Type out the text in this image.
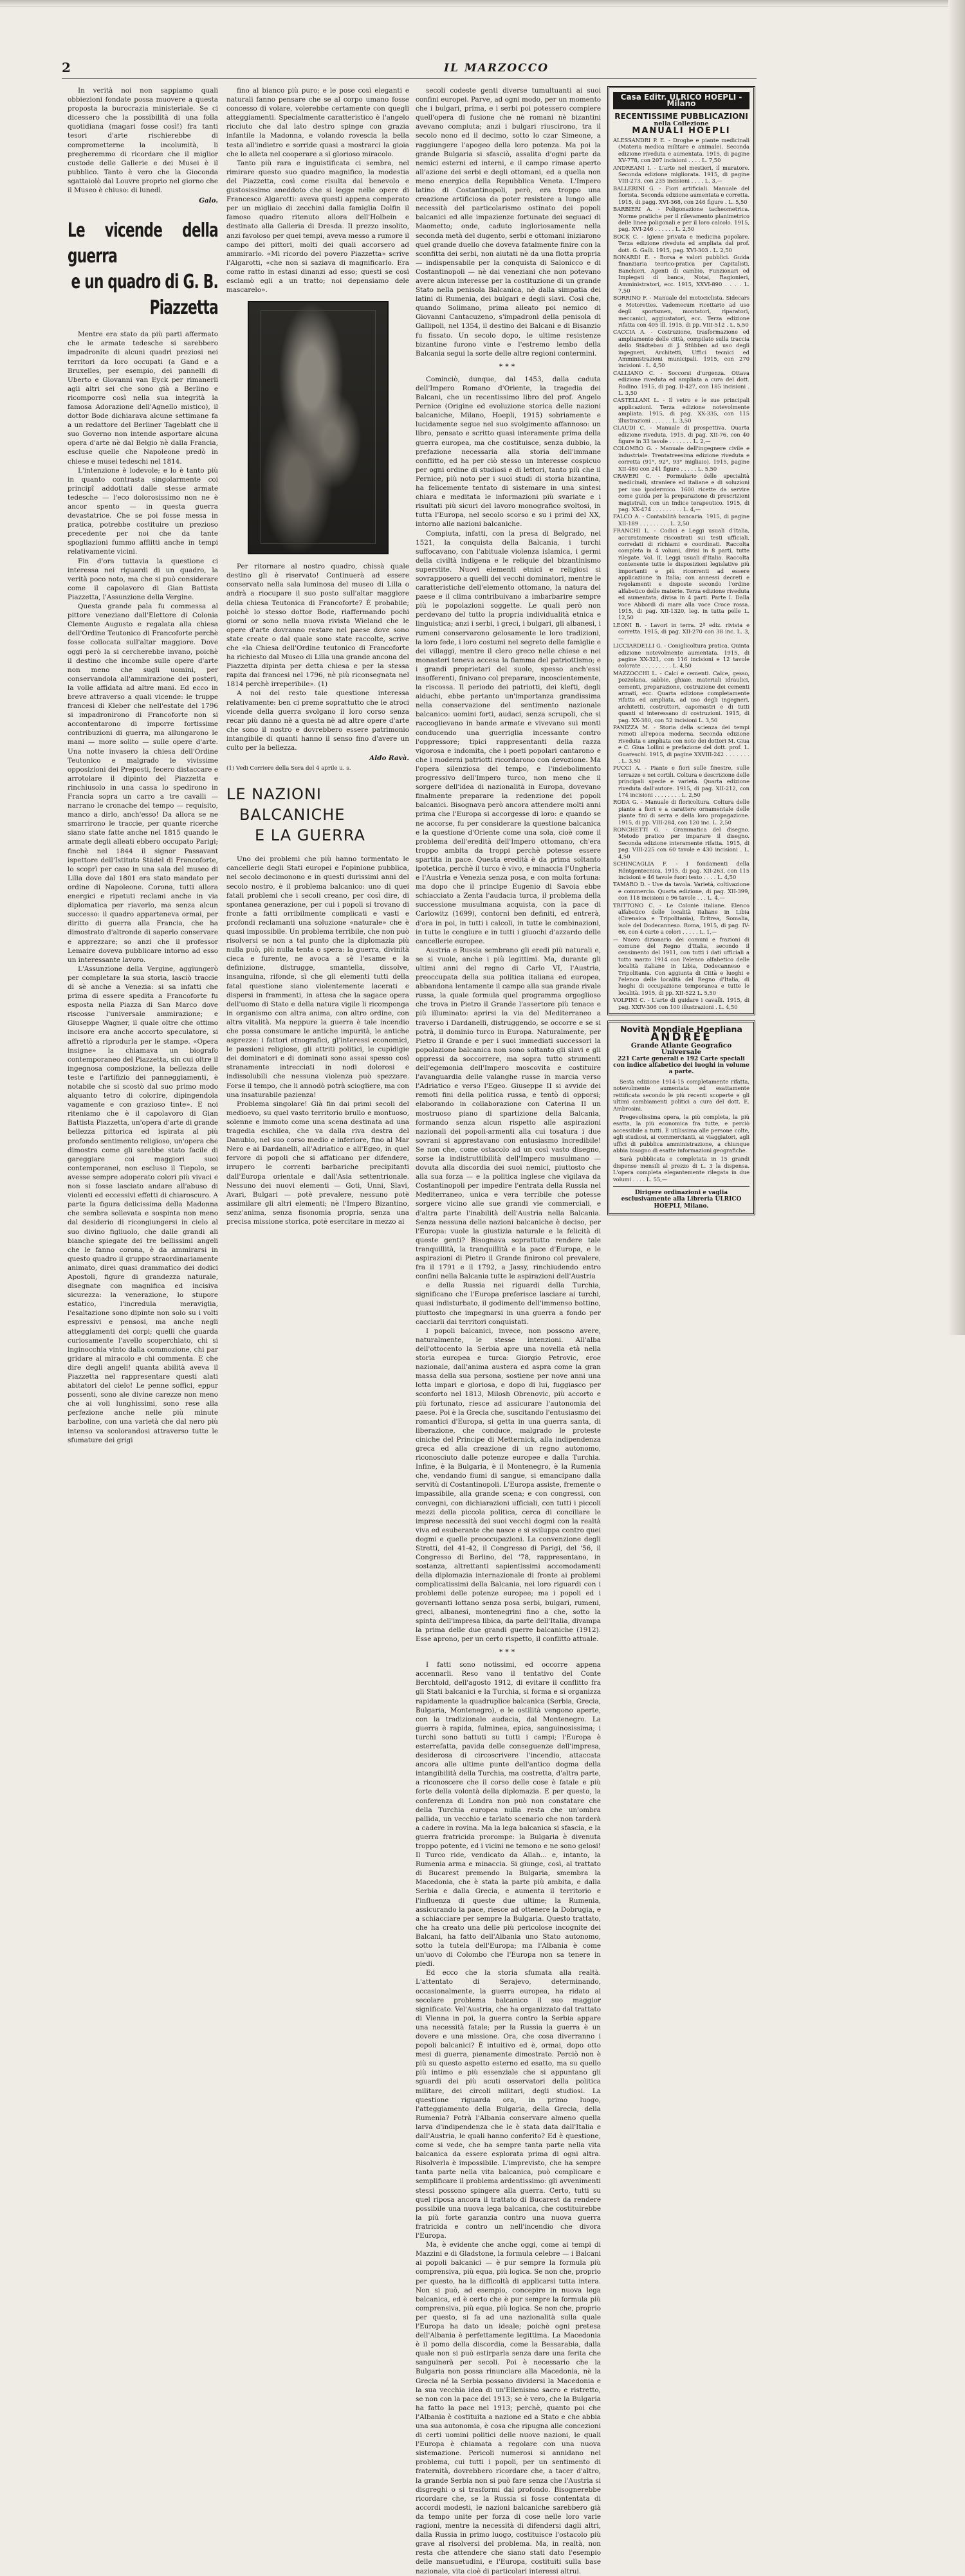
2	IL MARZOCCO

In verità noi non sappiamo quali obbiezioni fondate possa muovere a questa proposta la burocrazia ministeriale. Se ci dicessero che la possibilità di una folla quotidiana (magari fosse così!) fra tanti tesori d'arte rischierebbe di comprometterne la incolumità, li pregheremmo di ricordare che il miglior custode delle Gallerie e dei Musei è il pubblico. Tanto è vero che la Gioconda sgattaiolò dal Louvre proprio nel giorno che il Museo è chiuso: di lunedì.

Galo.
Le vicende della guerra
e un quadro di G. B. Piazzetta

Mentre era stato da più parti affermato che le armate tedesche si sarebbero impadronite di alcuni quadri preziosi nei territori da loro occupati (a Gand e a Bruxelles, per esempio, dei pannelli di Uberto e Giovanni van Eyck per rimanerli agli altri sei che sono già a Berlino e ricomporre così nella sua integrità la famosa Adorazione dell'Agnello mistico), il dottor Bode dichiarava alcune settimane fa a un redattore del Berliner Tageblatt che il suo Governo non intende asportare alcuna opera d'arte nè dal Belgio nè dalla Francia, escluse quelle che Napoleone predò in chiese e musei tedeschi nel 1814.

L'intenzione è lodevole; e lo è tanto più in quanto contrasta singolarmente coi principî addottati dalle stesse armate tedesche — l'eco dolorosissimo non ne è ancor spento — in questa guerra devastatrice. Che se poi fosse messa in pratica, potrebbe costituire un prezioso precedente per noi che da tante spogliazioni fummo afflitti anche in tempi relativamente vicini.

Fin d'ora tuttavia la questione ci interessa nei riguardi di un quadro, la verità poco noto, ma che si può considerare come il capolavoro di Gian Battista Piazzetta, l'Assunzione della Vergine.

Questa grande pala fu commessa al pittore veneziano dall'Elettore di Colonia Clemente Augusto e regalata alla chiesa dell'Ordine Teutonico di Francoforte perchè fosse collocata sull'altar maggiore. Dove oggi però la si cercherebbe invano, poichè il destino che incombe sulle opere d'arte non meno che sugli uomini, per conservandola all'ammirazione dei posteri, la volle affidata ad altre mani. Ed ecco in breve attraverso a quali vicende: le truppe francesi di Kleber che nell'estate del 1796 si impadronirono di Francoforte non si accontentarono di imporre fortissime contribuzioni di guerra, ma allungarono le mani — more solito — sulle opere d'arte. Una notte invasero la chiesa dell'Ordine Teutonico e malgrado le vivissime opposizioni dei Preposti, fecero distaccare e arrotolare il dipinto del Piazzetta e rinchiusolo in una cassa lo spedirono in Francia sopra un carro a tre cavalli — narrano le cronache del tempo — requisito, manco a dirlo, anch'esso! Da allora se ne smarrirono le traccie, per quante ricerche siano state fatte anche nel 1815 quando le armate degli alleati ebbero occupato Parigi; finchè nel 1844 il signor Passavant ispettore dell'Istituto Städel di Francoforte, lo scoprì per caso in una sala del museo di Lilla dove dal 1801 era stato mandato per ordine di Napoleone. Corona, tutti allora energici e ripetuti reclami anche in via diplomatica per riaverlo, ma senza alcun successo: il quadro apparteneva ormai, per diritto di guerra alla Francia, che ha dimostrato d'altronde di saperlo conservare e apprezzare; so anzi che il professor Lemaire doveva pubblicare intorno ad esso un interessante lavoro.

L'Assunzione della Vergine, aggiungerò per completare la sua storia, lasciò traccie di sè anche a Venezia: si sa infatti che prima di essere spedita a Francoforte fu esposta nella Piazza di San Marco dove riscosse l'universale ammirazione; e Giuseppe Wagner, il quale oltre che ottimo incisore era anche accorto speculatore, si affrettò a riprodurla per le stampe. «Opera insigne» la chiamava un biografo contemporaneo del Piazzetta, sin cui oltre il ingegnosa composizione, la bellezza delle teste e l'artifizio dei panneggiamenti, è notabile che si scostò dal suo primo modo alquanto tetro di colorire, dipingendola vagamente e con grazioso tinte». E noi riteniamo che è il capolavoro di Gian Battista Piazzetta, un'opera d'arte di grande bellezza pittorica ed ispirata al più profondo sentimento religioso, un'opera che dimostra come gli sarebbe stato facile di gareggiare coi maggiori suoi contemporanei, non escluso il Tiepolo, se avesse sempre adoperato colori più vivaci e non si fosse lasciato andare all'abuso di violenti ed eccessivi effetti di chiaroscuro. A parte la figura delicissima della Madonna che sembra sollevata e sospinta non meno dal desiderio di ricongiungersi in cielo al suo divino figliuolo, che dalle grandi ali bianche spiegate dei tre bellissimi angeli che le fanno corona, è da ammirarsi in questo quadro il gruppo straordinariamente animato, direi quasi drammatico dei dodici Apostoli, figure di grandezza naturale, disegnate con magnifica ed incisiva sicurezza: la venerazione, lo stupore estatico, l'incredula meraviglia, l'esaltazione sono dipinte non solo su i volti espressivi e pensosi, ma anche negli atteggiamenti dei corpi; quelli che guarda curiosamente l'avello scoperchiato, chi si inginocchia vinto dalla commozione, chi par gridare al miracolo e chi commenta. E che dire degli angeli! quanta abilità aveva il Piazzetta nel rappresentare questi alati abitatori del cielo! Le penne soffici, eppur possenti, sono ale divine carezze non meno che ai voli lunghissimi, sono rese alla perfezione anche nelle più minute barboline, con una varietà che dal nero più intenso va scolorandosi attraverso tutte le sfumature dei grigi

fino al bianco più puro; e le pose così eleganti e naturali fanno pensare che se al corpo umano fosse concesso di volare, volerebbe certamente con quegli atteggiamenti. Specialmente caratteristico è l'angelo ricciuto che dal lato destro spinge con grazia infantile la Madonna, e volando rovescia la bella testa all'indietro e sorride quasi a mostrarci la gioia che lo alleta nel cooperare a sì glorioso miracolo.

Tanto più rara e inguistificata ci sembra, nel rimirare questo suo quadro magnifico, la modestia del Piazzetta, così come risulta dal benevolo e gustosissimo aneddoto che si legge nelle opere di Francesco Algarotti: aveva questi appena comperato per un migliaio di zecchini dalla famiglia Dolfin il famoso quadro ritenuto allora dell'Holbein e destinato alla Galleria di Dresda. Il prezzo insolito, anzi favoloso per quei tempi, aveva messo a rumore il campo dei pittori, molti dei quali accorsero ad ammirarlo. «Mi ricordo del povero Piazzetta» scrive l'Algarotti, «che non si saziava di magnificarlo. Era come ratto in estasi dinanzi ad esso; questi se così esclamò egli a un tratto; noi depensiamo dele mascarelo».

Per ritornare al nostro quadro, chissà quale destino gli è riservato! Continuerà ad essere conservato nella sala luminosa del museo di Lilla o andrà a riocupare il suo posto sull'altar maggiore della chiesa Teutonica di Francoforte? È probabile; poichè lo stesso dottor Bode, riaffermando pochi giorni or sono nella nuova rivista Wieland che le opere d'arte dovranno restare nel paese dove sono state create o dal quale sono state raccolte, scrive che «la Chiesa dell'Ordine teutonico di Francoforte ha richiesto dal Museo di Lilla una grande ancona del Piazzetta dipinta per detta chiesa e per la stessa rapita dai francesi nel 1796, nè più riconsegnata nel 1814 perchè irreperibile». (1)

A noi del resto tale questione interessa relativamente: ben ci preme soprattutto che le atroci vicende della guerra svolgano il loro corso senza recar più danno nè a questa nè ad altre opere d'arte che sono il nostro e dovrebbero essere patrimonio intangibile di quanti hanno il senso fino d'avere un culto per la bellezza.

Aldo Ravà.
(1) Vedi Corriere della Sera del 4 aprile u. s.
LE NAZIONI
BALCANICHE
E LA GUERRA

Uno dei problemi che più hanno tormentato le cancellerie degli Stati europei e l'opinione pubblica, nel secolo decimonono e in questi durissimi anni del secolo nostro, è il problema balcanico: uno di quei fatali problemi che i secoli creano, per così dire, di spontanea generazione, per cui i popoli si trovano di fronte a fatti orribilmente complicati e vasti e profondi reclamanti una soluzione «naturale» che è quasi impossibile. Un problema terribile, che non può risolversi se non a tal punto che la diplomazia più nulla può, più nulla tenta o spera: la guerra, divinità cieca e furente, ne avoca a sè l'esame e la definizione, distrugge, smantella, dissolve, insanguina, rifonde, sì che gli elementi tutti della fatal questione siano violentemente lacerati e dispersi in frammenti, in attesa che la sagace opera dell'uomo di Stato e della natura vigile li ricomponga in organismo con altra anima, con altro ordine, con altra vitalità. Ma neppure la guerra è tale incendio che possa consumare le antiche impurità, le antiche asprezze: i fattori etnografici, gl'interessi economici, le passioni religiose, gli attriti politici, le cupidigie dei dominatori e di dominati sono assai spesso così stranamente intrecciati in nodi dolorosi e indissolubili che nessuna violenza può spezzare. Forse il tempo, che li annodò potrà sciogliere, ma con una insaturabile pazienza!

Problema singolare! Già fin dai primi secoli del medioevo, su quel vasto territorio brullo e montuoso, solenne e immoto come una scena destinata ad una tragedia eschilea, che va dalla riva destra del Danubio, nel suo corso medio e inferiore, fino al Mar Nero e ai Dardanelli, all'Adriatico e all'Egeo, in quel fervore di popoli che si affaticano per difendere, irrupero le correnti barbariche precipitanti dall'Europa orientale e dall'Asia settentrionale. Nessuno dei nuovi elementi — Goti, Unni, Slavi, Avari, Bulgari — potè prevalere, nessuno potè assimilare gli altri elementi; nè l'Impero Bizantino, senz'anima, senza fisonomia propria, senza una precisa missione storica, potè esercitare in mezzo ai

secoli codeste genti diverse tumultuanti ai suoi confini europei. Parve, ad ogni modo, per un momento che i bulgari, prima, e i serbi poi potessero compiere quell'opera di fusione che nè romani nè bizantini avevano compiuta; anzi i bulgari riuscirono, tra il secolo nono ed il decimo, sotto lo czar Simeone, a raggiungere l'apogeo della loro potenza. Ma poi la grande Bulgaria si sfasciò, assalita d'ogni parte da nemici esterni ed interni, e il campo rimase aperto all'azione dei serbi e degli ottomani, ed a quella non meno energica della Repubblica Veneta. L'Impero latino di Costantinopoli, però, era troppo una creazione artificiosa da poter resistere a lungo alle necessità del particolarismo ostinato dei popoli balcanici ed alle impazienze fortunate dei seguaci di Maometto; onde, caduto ingloriosamente nella seconda metà del dugento, serbi e ottomani iniziarono quel grande duello che doveva fatalmente finire con la sconfitta dei serbi, non aiutati nè da una flotta propria — indispensabile per la conquista di Salonicco e di Costantinopoli — nè dai veneziani che non potevano avere alcun interesse per la costituzione di un grande Stato nella penisola Balcanica, nè dalla simpatia dei latini di Rumenia, dei bulgari e degli slavi. Così che, quando Solimano, prima alleato poi nemico di Giovanni Cantacuzeno, s'impadronì della penisola di Gallipoli, nel 1354, il destino dei Balcani e di Bisanzio fu fissato. Un secolo dopo, le ultime resistenze bizantine furono vinte e l'estremo lembo della Balcania segui la sorte delle altre regioni contermini.

***

Cominciò, dunque, dal 1453, dalla caduta dell'Impero Romano d'Oriente, la tragedia dei Balcani, che un recentissimo libro del prof. Angelo Pernice (Origine ed evoluzione storica delle nazioni balcaniche, Milano, Hoepli, 1915) sobriamente e lucidamente segue nel suo svolgimento affannoso: un libro, pensato e scritto quasi interamente prima della guerra europea, ma che costituisce, senza dubbio, la prefazione necessaria alla storia dell'immane conflitto, ed ha per ciò stesso un interesse cospicuo per ogni ordine di studiosi e di lettori, tanto più che il Pernice, più noto per i suoi studi di storia bizantina, ha felicemente tentato di sistemare in una sintesi chiara e meditata le informazioni più svariate e i risultati più sicuri del lavoro monografico svoltosi, in tutta l'Europa, nel secolo scorso e su i primi del XX, intorno alle nazioni balcaniche.

Compiuta, infatti, con la presa di Belgrado, nel 1521, la conquista della Balcania, i turchi suffocavano, con l'abituale violenza islamica, i germi della civiltà indigena e le reliquie del bizantinismo superstite. Nuovi elementi etnici e religiosi si sovrapposero a quelli dei vecchi dominatori, mentre le caratteristiche dell'elemento ottomano, la natura del paese e il clima contribuivano a imbarbarire sempre più le popolazioni soggette. Le quali però non perdevano del tutto la propria individualità etnica e linguistica; anzi i serbi, i greci, i bulgari, gli albanesi, i rumeni conservarono gelosamente le loro tradizioni, la loro fede, i loro costumi nel segreto delle famiglie e dei villaggi, mentre il clero greco nelle chiese e nei monasteri teneva accesa la fiamma del patriottismo; e i grandi proprietari del suolo, spesso anch'essi insofferenti, finivano col preparare, incoscientemente, la riscossa. Il periodo dei patriotti, dei klefti, degli aiduchi, ebbe pertanto un'importanza grandissima nella conservazione del sentimento nazionale balcanico: uomini forti, audaci, senza scrupoli, che si raccoglievano in bande armate e vivevano sui monti conducendo una guerriglia incessante contro l'oppressore; tipici rappresentanti della razza vigorosa e indomita, che i poeti popolari cantarono e che i moderni patriotti ricordarono con devozione. Ma l'opera silenziosa del tempo, e l'indebolimento progressivo dell'Impero turco, non meno che il sorgere dell'idea di nazionalità in Europa, dovevano finalmente preparare la redenzione dei popoli balcanici. Bisognava però ancora attendere molti anni prima che l'Europa si accorgesse di loro: e quando se ne accorse, fu per considerare la questione balcanica e la questione d'Oriente come una sola, cioè come il problema dell'eredità dell'Impero ottomano, ch'era troppo ambita da troppi perchè potesse essere spartita in pace. Questa eredità è da prima soltanto ipotetica, perchè il turco è vivo, e minaccia l'Ungheria e l'Austria e Venezia senza posa, e con molta fortuna: ma dopo che il principe Eugenio di Savoia ebbe schiacciato a Zenta l'audacia turca, il problema della successione musulmana acquista, con la pace di Carlowitz (1699), contorni ben definiti, ed entrerà, d'ora in poi, in tutti i calcoli, in tutte le combinazioni, in tutte le congiure e in tutti i giuochi d'azzardo delle cancellerie europee.

Austria e Russia sembrano gli eredi più naturali e, se si vuole, anche i più legittimi. Ma, durante gli ultimi anni del regno di Carlo VI, l'Austria, preoccupata della sua politica italiana ed europea, abbandona lentamente il campo alla sua grande rivale russa, la quale formula quel programma orgoglioso che trova in Pietro il Grande l'assertore più tenace e più illuminato: aprirsi la via del Mediterraneo a traverso i Dardanelli, distruggendo, se occorre e se si potrà, il dominio turco in Europa. Naturalmente, per Pietro il Grande e per i suoi immediati successori la popolazione balcanica non sono soltanto gli slavi e gli oppressi da soccorrere, ma sopra tutto strumenti dell'egemonia dell'Impero moscovita e costituire l'avanguardia delle valanghe russe in marcia verso l'Adriatico e verso l'Egeo. Giuseppe II si avvide dei remoti fini della politica russa, e tentò di opporsi; elaborando in collaborazione con Caterina II un mostruoso piano di spartizione della Balcania, formando senza alcun rispetto alle aspirazioni nazionali dei popoli-armenti alla cui tosatura i due sovrani si apprestavano con entusiasmo incredibile! Se non che, come ostacolo ad un così vasto disegno, sorse la indistruttibilità dell'Impero musulmano — dovuta alla discordia dei suoi nemici, piuttosto che alla sua forza — e la politica inglese che vigilava da Costantinopoli per impedire l'entrata della Russia nel Mediterraneo, unica e vera terribile che potesse sorgere vicino alle sue grandi vie commerciali, e d'altra parte l'inabilità dell'Austria nella Balcania. Senza nessuna delle nazioni balcaniche è deciso, per l'Europa: vuole la giustizia naturale e la felicità di queste genti? Bisognava soprattutto rendere tale tranquillità, la tranquillità e la pace d'Europa, e le aspirazioni di Pietro il Grande finirono col prevalere, fra il 1791 e il 1792, a Jassy, rinchiudendo entro confini nella Balcania tutte le aspirazioni dell'Austria

e della Russia nei riguardi della Turchia, significano che l'Europa preferisce lasciare ai turchi, quasi indisturbato, il godimento dell'immenso bottino, piuttosto che impegnarsi in una guerra a fondo per cacciarli dai territori conquistati.

I popoli balcanici, invece, non possono avere, naturalmente, le stesse intenzioni. All'alba dell'ottocento la Serbia apre una novella età nella storia europea e turca: Giorgio Petrovic, eroe nazionale, dall'anima austera ed aspra come la gran massa della sua persona, sostiene per nove anni una lotta impari e gloriosa, e dopo di lui, fuggiasco per sconforto nel 1813, Milosh Obrenovic, più accorto e più fortunato, riesce ad assicurare l'autonomia del paese. Poi è la Grecia che, suscitando l'entusiasmo dei romantici d'Europa, si getta in una guerra santa, di liberazione, che conduce, malgrado le proteste ciniche del Principe di Metternick, alla indipendenza greca ed alla creazione di un regno autonomo, riconosciuto dalle potenze europee e dalla Turchia. Infine, è la Bulgaria, è il Montenegro, è la Rumenia che, vendando fiumi di sangue, si emancipano dalla servitù di Costantinopoli. L'Europa assiste, fremente o impassibile, alla grande scena; e con congressi, con convegni, con dichiarazioni ufficiali, con tutti i piccoli mezzi della piccola politica, cerca di conciliare le imprese necessità dei suoi vecchi dogmi con la realtà viva ed esuberante che nasce e si sviluppa contro quei dogmi e quelle preoccupazioni. La convenzione degli Stretti, del 41-42, il Congresso di Parigi, del '56, il Congresso di Berlino, del '78, rappresentano, in sostanza, altrettanti sapientissimi accomodamenti della diplomazia internazionale di fronte ai problemi complicatissimi della Balcania, nei loro riguardi con i problemi delle potenze europee; ma i popoli ed i governanti lottano senza posa serbi, bulgari, rumeni, greci, albanesi, montenegrini fino a che, sotto la spinta dell'impresa libica, da parte dell'Italia, divampa la prima delle due grandi guerre balcaniche (1912). Esse aprono, per un certo rispetto, il conflitto attuale.

***

I fatti sono notissimi, ed occorre appena accennarli. Reso vano il tentativo del Conte Berchtold, dell'agosto 1912, di evitare il conflitto fra gli Stati balcanici e la Turchia, si forma e si organizza rapidamente la quadruplice balcanica (Serbia, Grecia, Bulgaria, Montenegro), e le ostilità vengono aperte, con la tradizionale audacia, dal Montenegro. La guerra è rapida, fulminea, epica, sanguinosissima; i turchi sono battuti su tutti i campi; l'Europa è esterrefatta, pavida delle conseguenze dell'impresa, desiderosa di circoscrivere l'incendio, attaccata ancora alle ultime punte dell'antico dogma della intangibilità della Turchia, ma costretta, d'altra parte, a riconoscere che il corso delle cose è fatale e più forte della volontà della diplomazia. E per questo, la conferenza di Londra non può non constatare che della Turchia europea nulla resta che un'ombra pallida, un vecchio e tarlato scenario che non tarderà a cadere in rovina. Ma la lega balcanica si sfascia, e la guerra fratricida prorompe: la Bulgaria è divenuta troppo potente, ed i vicini ne temono e ne sono gelosi! Il Turco ride, vendicato da Allah... e, intanto, la Rumenia arma e minaccia. Si giunge, così, al trattato di Bucarest premendo la Bulgaria, smembra la Macedonia, che è stata la parte più ambita, e dalla Serbia e dalla Grecia, e aumenta il territorio e l'influenza di queste due ultime; la Rumenia, assicurando la pace, riesce ad ottenere la Dobrugia, e a schiacciare per sempre la Bulgaria. Questo trattato, che ha creato una delle più pericolose incognite dei Balcani, ha fatto dell'Albania uno Stato autonomo, sotto la tutela dell'Europa; ma l'Albania è come un'uovo di Colombo che l'Europa non sa tenere in piedi.

Ed ecco che la storia sfumata alla realtà. L'attentato di Serajevo, determinando, occasionalmente, la guerra europea, ha ridato al secolare problema balcanico il suo maggior significato. Vel'Austria, che ha organizzato dal trattato di Vienna in poi, la guerra contro la Serbia appare una necessità fatale; per la Russia la guerra è un dovere e una missione. Ora, che cosa diverranno i popoli balcanici? È intuitivo ed è, ormai, dopo otto mesi di guerra, pienamente dimostrato. Perciò non è più su questo aspetto esterno ed esatto, ma su quello più intimo e più essenziale che si appuntano gli sguardi dei più acuti osservatori della politica militare, dei circoli militari, degli studiosi. La questione riguarda ora, in primo luogo, l'atteggiamento della Bulgaria, della Grecia, della Rumenia? Potrà l'Albania conservare almeno quella larva d'indipendenza che le è stata data dall'Italia e dall'Austria, le quali hanno conferito? Ed è questione, come si vede, che ha sempre tanta parte nella vita balcanica da essere esplorata prima di ogni altra. Risolverla è impossibile. L'imprevisto, che ha sempre tanta parte nella vita balcanica, può complicare e semplificare il problema ardentissimo: gli avvenimenti stessi possono spingere alla guerra. Certo, tutti su quel riposa ancora il trattato di Bucarest da rendere possibile una nuova lega balcanica, che costituirebbe la più forte garanzia contro una nuova guerra fratricida e contro un nell'incendio che divora l'Europa.

Ma, è evidente che anche oggi, come ai tempi di Mazzini e di Gladstone, la formula celebre — i Balcani ai popoli balcanici — è pur sempre la formula più comprensiva, più equa, più logica. Se non che, proprio per questo, ha la difficoltà di applicarsi tutta intera. Non si può, ad esempio, concepire in nuova lega balcanica, ed è certo che è pur sempre la formula più comprensiva, più equa, più logica. Se non che, proprio per questo, si fa ad una nazionalità sulla quale l'Europa ha dato un ideale; poichè ogni pretesa dell'Albania è perfettamente legittima. La Macedonia è il pomo della discordia, come la Bessarabia, dalla quale non si può estirparla senza dare una ferita che sanguinerà per secoli. Poi è necessario che la Bulgaria non possa rinunciare alla Macedonia, nè la Grecia né la Serbia possano dividersi la Macedonia e la sua vecchia idea di un'Ellenismo sacro e ristretto, se non con la pace del 1913; se è vero, che la Bulgaria ha fatto la pace nel 1913; perchè, quanto poi che l'Albania è costituita a nazione ed a Stato e che abbia una sua autonomia, è cosa che ripugna alle concezioni di certi uomini politici delle nuove nazioni, le quali l'Europa è chiamata a regolare con una nuova sistemazione. Pericoli numerosi si annidano nel problema, cui tutti i popoli, per un sentimento di fraternità, dovrebbero ricordare che, a tacer d'altro, la grande Serbia non si può fare senza che l'Austria si disgreghi o si trasformi dal profondo. Bisognerebbe ricordare che, se la Russia si fosse contentata di accordi modesti, le nazioni balcaniche sarebbero già da tempo unite per forza di cose nelle loro varie ragioni, mentre la necessità di difendersi dagli altri, dalla Russia in primo luogo, costituisce l'ostacolo più grave al risolversi del problema. Ma, in realtà, non resta che attendere che siano stati dato l'esempio delle mansuetudini, e l'Europa, costituiti sulla base nazionale, vita cioè di particolari interessi altrui.

Casa Editr. ULRICO HOEPLI - Milano
RECENTISSIME PUBBLICAZIONI
nella Collezione
MANUALI HOEPLI
ALESSANDRI P. E. - Droghe e piante medicinali (Materia medica militare e animale). Seconda edizione riveduta e aumentata. 1915, di pagine XV-778, con 207 incisioni . . . . L. 7,50
ANDREANI I. - L'arte nel mestieri, il muratore. Seconda edizione migliorata. 1915, di pagine VIII-273, con 235 incisioni . . . . L. 3,—
BALLERINI G. - Fiori artificiali. Manuale del fiorista. Seconda edizione aumentata e corretta. 1915, di pagg. XVI-368, con 246 figure . L. 5,50
BARBIERI A. - Poligonazione tacheometrica. Norme pratiche per il rilevamento planimetrico delle linee poligonali e per il loro calcolo. 1915, pag. XVI-246 . . . . . . L. 2,50
BOCK C. - Igiene privata e medicina popolare. Terza edizione riveduta ed ampliata dal prof. dott. G. Galli. 1915, pag. XVI-303 . L. 2,50
BONARDI E. - Borsa e valori pubblici. Guida finanziaria teorico-pratica per Capitalisti, Banchieri, Agenti di cambio, Funzionari ed Impiegati di banca, Notai, Ragionieri, Amministratori, ecc. 1915, XXVI-890 . . . . L. 7,50
BORRINO F. - Manuale del motociclista. Sidecars e Motorettes. Vademecum ricettario ad uso degli sportsmen, montatori, riparatori, meccanici, aggiustatori, ecc. Terza edizione rifatta con 405 ill. 1915, di pp. VIII-512 . L. 5,50
CACCIA A. - Costruzione, trasformazione ed ampliamento delle città, compilato sulla traccia dello Städtebau di J. Stübben ad uso degli ingegneri, Architetti, Uffici tecnici ed Amministrazioni municipali. 1915, con 270 incisioni . L. 4,50
CALLIANO C. - Soccorsi d'urgenza. Ottava edizione riveduta ed ampliata a cura del dott. Rodino. 1915, di pag. II-427, con 185 incisioni . L. 3,50
CASTELLANI L. - Il vetro e le sue principali applicazioni. Terza edizione notevolmente ampliata. 1915, di pag. XX-335, con 115 illustrazioni . . . . . . L. 3,50
CLAUDI C. - Manuale di prospettiva. Quarta edizione riveduta, 1915, di pag. XII-76, con 40 figure in 33 tavole . . . . . . . L. 2,—
COLOMBO G. - Manuale dell'ingegnere civile e industriale. Trentatreesima edizione riveduta e corretta (91°, 92°, 93° migliaio). 1915, pagine XII-480 con 241 figure . . . . . L. 5,50
CRAVERI C. - Formulario delle specialità medicinali, straniere ed italiane e di soluzioni per uso ipodermico. 1600 ricette da servire come guida per la preparazione di prescrizioni magistrali, con un Indice terapeutico. 1915, di pag. XX-474 . . . . . . . . . L. 4,—
FALCO A. - Contabilità bancaria. 1915, di pagine XII-189 . . . . . . . . . L. 2,50
FRANCHI L. - Codici e Leggi usuali d'Italia, accuratamente riscontrati sui testi ufficiali, corredati di richiami e coordinati. Raccolta completa in 4 volumi, divisi in 8 parti, tutte rilegate. Vol. II. Leggi usuali d'Italia. Raccolta contenente tutte le disposizioni legislative più importanti e più ricorrenti ad essere applicazione in Italia; con annessi decreti e regolamenti e disposte secondo l'ordine alfabetico delle materie. Terza edizione riveduta ed aumentata, divisa in 4 parti. Parte I. Dalla voce Abbordi di mare alla voce Croce rossa. 1915, di pag. XII-1320, leg. in tutta pelle L. 12,50
LEONI B. - Lavori in terra. 2ª ediz. rivista e corretta. 1915, di pag. XII-270 con 38 inc. L. 3,—
LICCIARDELLI G. - Coniglicoltura pratica. Quinta edizione notevolmente aumentata. 1915, di pagine XX-321, con 116 incisioni e 12 tavole colorate . . . . . . . . . L. 4,50
MAZZOCCHI L. - Calci e cementi. Calce, gesso, pozzolana, sabbie, ghiaie, materiali idraulici, cementi, preparazione, costruzione dei cementi armati, ecc. Quarta edizione completamente rifatta ed ampliata, ad uso degli ingegneri, architetti, costruttori, capomastri e di tutti quanti si interessano di costruzioni. 1915, di pag. XX-380, con 52 incisioni L. 3,50
PANIZZA M. - Storia della scienza dei tempi remoti all'epoca moderna. Seconda edizione riveduta e ampliata con note dei dottori M. Giua e C. Giua Lollini e prefazione del dott. prof. L. Guareschi. 1915, di pagine XXVIII-242 . . . . . . . . L. 3,50
PUCCI A. - Piante e fiori sulle finestre, sulle terrazze e nei cortili. Coltura e descrizione delle principali specie e varietà. Quarta edizione riveduta dall'autore. 1915, di pag. XII-212, con 174 incisioni . . . . . . . . L. 2,50
RODA G. - Manuale di floricoltura. Coltura delle piante a fiori e a carattere ornamentale delle piante fini di serra e della loro propagazione. 1915, di pp. VIII-284, con 120 inc. L. 2,50
RONCHETTI G. - Grammatica del disegno. Metodo pratico per imparare il disegno. Seconda edizione interamente rifatta. 1915, di pag. VIII-225 con 60 tavole e 430 incisioni . L. 4,50
SCHINCAGLIA F. - I fondamenti della Röntgentecnica. 1915, di pag. XII-263, con 115 incisioni e 46 tavole fuori testo . . . . L. 4,50
TAMARO D. - Uve da tavola. Varietà, coltivazione e commercio. Quarta edizione, di pag. XII-399, con 118 incisioni e 96 tavole . . . L. 4,—
TRITTONO C. - Le Colonie italiane. Elenco alfabetico delle località italiane in Libia (Cirenaica e Tripolitania), Eritrea, Somalia, isole del Dodecanneso. Roma, 1915, di pag. IV-66, con 4 carte a colori . . . . . L. 1,—
— Nuovo dizionario dei comuni e frazioni di comune del Regno d'Italia, secondo il censimento del 1911, con tutti i dati ufficiali a tutto marzo 1914 con l'elenco alfabetico delle località italiane in Libia, Dodecanneso e Tripolitania. Con aggiunta di Città e luoghi e l'elenco delle località del Regno d'Italia, di luoghi di occupazione temporanea e tutte le località. 1915, di pp. XII-522 L. 5,50
VOLPINI C. - L'arte di guidare i cavalli. 1915, di pag. XXIV-306 con 100 illustrazioni . L. 4,50
Novità Mondiale Hoepliana
ANDREE
Grande Atlante Geografico Universale
221 Carte generali e 192 Carte speciali con indice alfabetico dei luoghi in volume a parte.

Sesta edizione 1914-15 completamente rifatta, notevolmente aumentata ed esattamente rettificata secondo le più recenti scoperte e gli ultimi cambiamenti politici a cura del dott. E. Ambrosini.

Pregevolissima opera, la più completa, la più esatta, la più economica fra tutte, e perciò accessibile a tutti. È utilissima alle persone colte, agli studiosi, ai commercianti, ai viaggiatori, agli uffici di pubblica amministrazione, a chiunque abbia bisogno di esatte informazioni geografiche.

Sarà pubblicata e completata in 15 grandi dispense mensili al prezzo di L. 3 la dispensa. L'opera completa elegantemente rilegata in due volumi . . . . L. 55,—

Dirigere ordinazioni e vaglia esclusivamente alla Libreria ULRICO HOEPLI, Milano.
